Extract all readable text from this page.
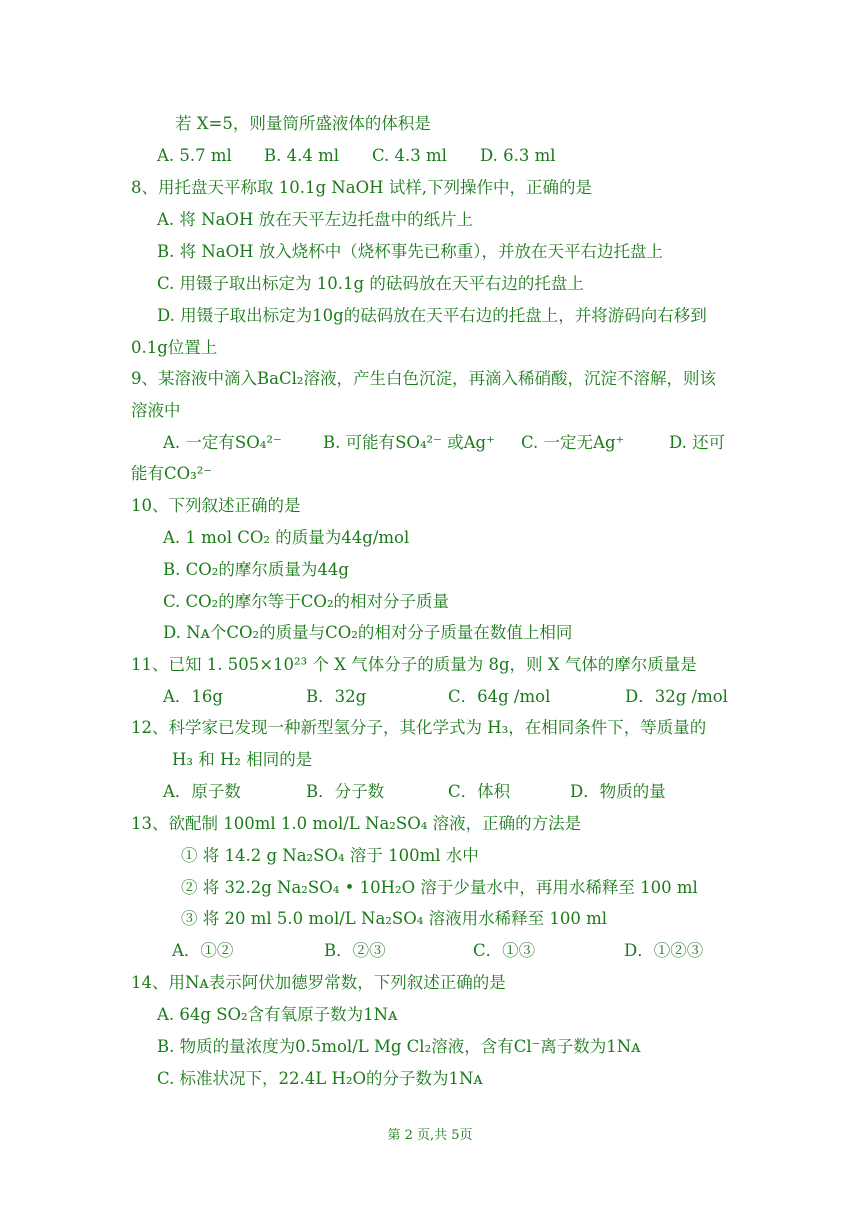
若 X=5，则量筒所盛液体的体积是
A. 5.7 ml B. 4.4 ml C. 4.3 ml D. 6.3 ml
8、用托盘天平称取 10.1g NaOH 试样,下列操作中，正确的是
A. 将 NaOH 放在天平左边托盘中的纸片上
B. 将 NaOH 放入烧杯中（烧杯事先已称重），并放在天平右边托盘上
C. 用镊子取出标定为 10.1g 的砝码放在天平右边的托盘上
D. 用镊子取出标定为10g的砝码放在天平右边的托盘上，并将游码向右移到
0.1g位置上
9、某溶液中滴入BaCl₂溶液，产生白色沉淀，再滴入稀硝酸，沉淀不溶解，则该
溶液中
A. 一定有SO₄²⁻	B. 可能有SO₄²⁻ 或Ag⁺ C. 一定无Ag⁺	D. 还可
能有CO₃²⁻
10、下列叙述正确的是
A. 1 mol CO₂ 的质量为44g/mol
B. CO₂的摩尔质量为44g
C. CO₂的摩尔等于CO₂的相对分子质量
D. Nᴀ个CO₂的质量与CO₂的相对分子质量在数值上相同
11、已知 1. 505×10²³ 个 X 气体分子的质量为 8g，则 X 气体的摩尔质量是
A．16g	B．32g	C．64g /mol	D．32g /mol
12、科学家已发现一种新型氢分子，其化学式为 H₃，在相同条件下，等质量的
H₃ 和 H₂ 相同的是
A．原子数	B．分子数	C．体积	D．物质的量
13、欲配制 100ml 1.0 mol/L Na₂SO₄ 溶液，正确的方法是
① 将 14.2 g Na₂SO₄ 溶于 100ml 水中
② 将 32.2g Na₂SO₄ • 10H₂O 溶于少量水中，再用水稀释至 100 ml
③ 将 20 ml 5.0 mol/L Na₂SO₄ 溶液用水稀释至 100 ml
A．①②	B．②③	C．①③	D．①②③
14、用Nᴀ表示阿伏加德罗常数，下列叙述正确的是
A. 64g SO₂含有氧原子数为1Nᴀ
B. 物质的量浓度为0.5mol/L Mg Cl₂溶液，含有Cl⁻离子数为1Nᴀ
C. 标准状况下，22.4L H₂O的分子数为1Nᴀ
第 2 页,共 5页
